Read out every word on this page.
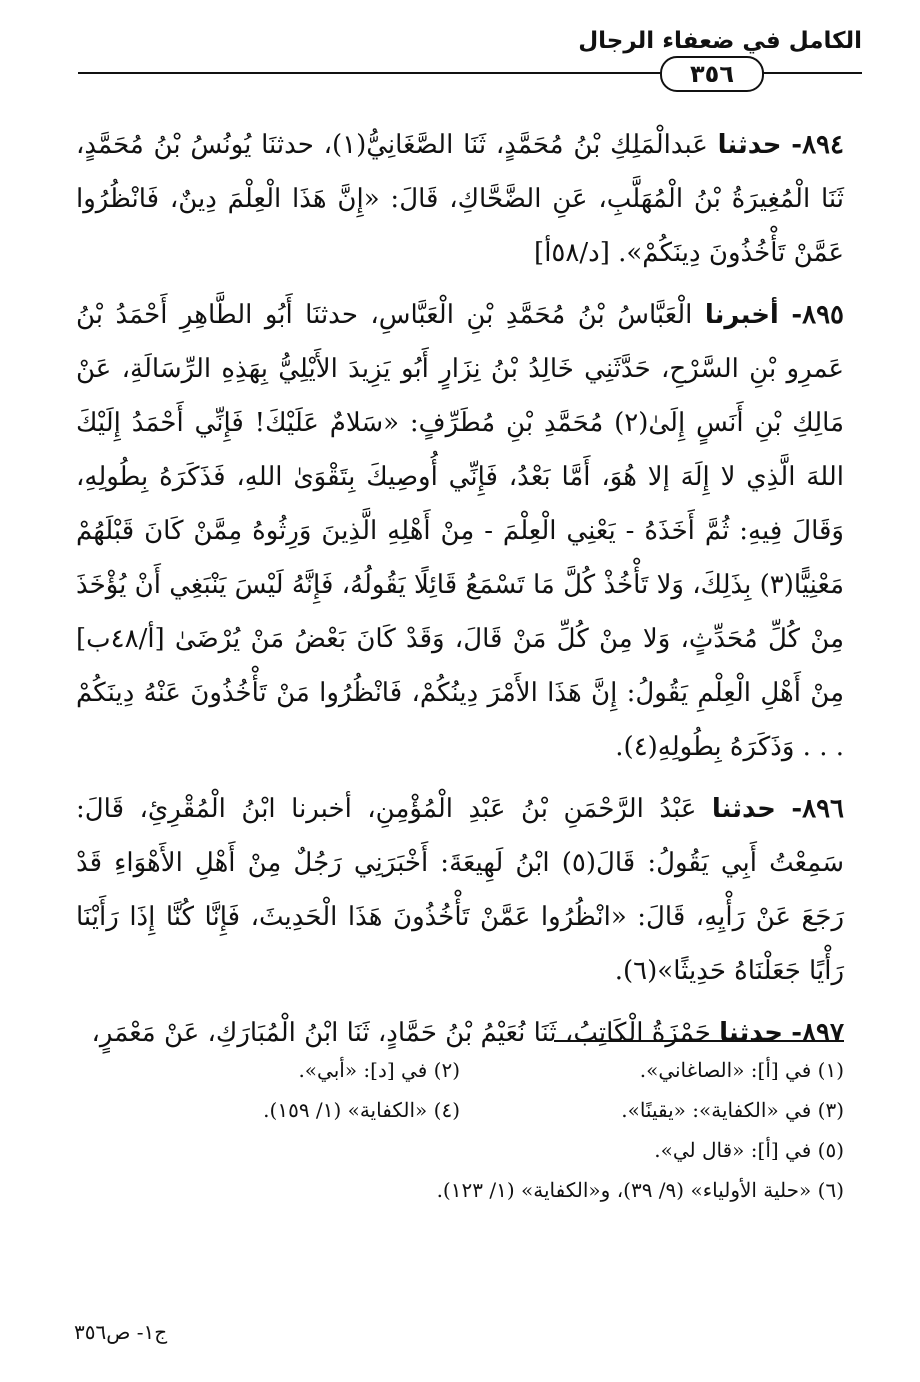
الكامل في ضعفاء الرجال
٣٥٦

٨٩٤- حدثنا عَبدالْمَلِكِ بْنُ مُحَمَّدٍ، ثَنَا الصَّغَانِيُّ(١)، حدثنَا يُونُسُ بْنُ مُحَمَّدٍ، ثَنَا الْمُغِيرَةُ بْنُ الْمُهَلَّبِ، عَنِ الضَّحَّاكِ، قَالَ: «إِنَّ هَذَا الْعِلْمَ دِينٌ، فَانْظُرُوا عَمَّنْ تَأْخُذُونَ دِينَكُمْ». [د/٥٨أ]

٨٩٥- أخبرنا الْعَبَّاسُ بْنُ مُحَمَّدِ بْنِ الْعَبَّاسِ، حدثنَا أَبُو الطَّاهِرِ أَحْمَدُ بْنُ عَمرِو بْنِ السَّرْحِ، حَدَّثَنِي خَالِدُ بْنُ نِزَارٍ أَبُو يَزِيدَ الأَيْلِيُّ بِهَذِهِ الرِّسَالَةِ، عَنْ مَالِكِ بْنِ أَنَسٍ إِلَىٰ(٢) مُحَمَّدِ بْنِ مُطَرِّفٍ: «سَلامٌ عَلَيْكَ! فَإِنِّي أَحْمَدُ إِلَيْكَ اللهَ الَّذِي لا إِلَهَ إلا هُوَ، أَمَّا بَعْدُ، فَإِنِّي أُوصِيكَ بِتَقْوَىٰ اللهِ، فَذَكَرَهُ بِطُولِهِ، وَقَالَ فِيهِ: ثُمَّ أَخَذَهُ - يَعْنِي الْعِلْمَ - مِنْ أَهْلِهِ الَّذِينَ وَرِثُوهُ مِمَّنْ كَانَ قَبْلَهُمْ مَعْنِيًّا(٣) بِذَلِكَ، وَلا تَأْخُذْ كُلَّ مَا تَسْمَعُ قَائِلًا يَقُولُهُ، فَإِنَّهُ لَيْسَ يَنْبَغِي أَنْ يُؤْخَذَ مِنْ كُلِّ مُحَدِّثٍ، وَلا مِنْ كُلِّ مَنْ قَالَ، وَقَدْ كَانَ بَعْضُ مَنْ يُرْضَىٰ [أ/٤٨ب] مِنْ أَهْلِ الْعِلْمِ يَقُولُ: إِنَّ هَذَا الأَمْرَ دِينُكُمْ، فَانْظُرُوا مَنْ تَأْخُذُونَ عَنْهُ دِينَكُمْ . . . وَذَكَرَهُ بِطُولِهِ(٤).

٨٩٦- حدثنا عَبْدُ الرَّحْمَنِ بْنُ عَبْدِ الْمُؤْمِنِ، أخبرنا ابْنُ الْمُقْرِئِ، قَالَ: سَمِعْتُ أَبِي يَقُولُ: قَالَ(٥) ابْنُ لَهِيعَةَ: أَخْبَرَنِي رَجُلٌ مِنْ أَهْلِ الأَهْوَاءِ قَدْ رَجَعَ عَنْ رَأْيِهِ، قَالَ: «انْظُرُوا عَمَّنْ تَأْخُذُونَ هَذَا الْحَدِيثَ، فَإِنَّا كُنَّا إِذَا رَأَيْنَا رَأْيًا جَعَلْنَاهُ حَدِيثًا»(٦).

٨٩٧- حدثنا حَمْزَةُ الْكَاتِبُ، ثَنَا نُعَيْمُ بْنُ حَمَّادٍ، ثَنَا ابْنُ الْمُبَارَكِ، عَنْ مَعْمَرٍ،

(١) في [أ]: «الصاغاني».
(٢) في [د]: «أبي».
(٣) في «الكفاية»: «يقينًا».
(٤) «الكفاية» (١/ ١٥٩).
(٥) في [أ]: «قال لي».
(٦) «حلية الأولياء» (٩/ ٣٩)، و«الكفاية» (١/ ١٢٣).
ج١- ص٣٥٦
